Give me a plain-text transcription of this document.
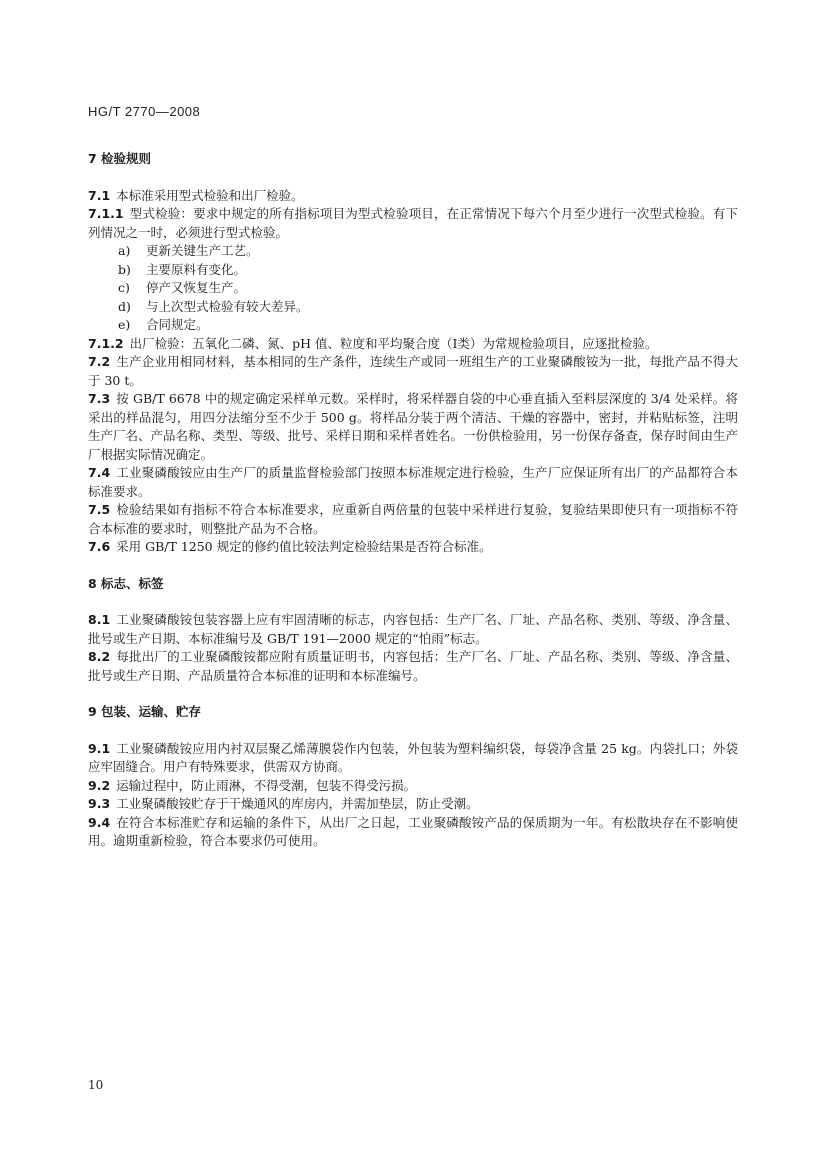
HG/T 2770—2008

7 检验规则

7.1 本标准采用型式检验和出厂检验。

7.1.1 型式检验：要求中规定的所有指标项目为型式检验项目，在正常情况下每六个月至少进行一次型式检验。有下列情况之一时，必须进行型式检验。

a) 更新关键生产工艺。
b) 主要原料有变化。
c) 停产又恢复生产。
d) 与上次型式检验有较大差异。
e) 合同规定。

7.1.2 出厂检验：五氧化二磷、氮、pH 值、粒度和平均聚合度（Ⅰ类）为常规检验项目，应逐批检验。

7.2 生产企业用相同材料，基本相同的生产条件，连续生产或同一班组生产的工业聚磷酸铵为一批，每批产品不得大于 30 t。

7.3 按 GB/T 6678 中的规定确定采样单元数。采样时，将采样器自袋的中心垂直插入至料层深度的 3/4 处采样。将采出的样品混匀，用四分法缩分至不少于 500 g。将样品分装于两个清洁、干燥的容器中，密封，并粘贴标签，注明生产厂名、产品名称、类型、等级、批号、采样日期和采样者姓名。一份供检验用，另一份保存备查，保存时间由生产厂根据实际情况确定。

7.4 工业聚磷酸铵应由生产厂的质量监督检验部门按照本标准规定进行检验，生产厂应保证所有出厂的产品都符合本标准要求。

7.5 检验结果如有指标不符合本标准要求，应重新自两倍量的包装中采样进行复验，复验结果即使只有一项指标不符合本标准的要求时，则整批产品为不合格。

7.6 采用 GB/T 1250 规定的修约值比较法判定检验结果是否符合标准。

8 标志、标签

8.1 工业聚磷酸铵包装容器上应有牢固清晰的标志，内容包括：生产厂名、厂址、产品名称、类别、等级、净含量、批号或生产日期、本标准编号及 GB/T 191—2000 规定的“怕雨”标志。

8.2 每批出厂的工业聚磷酸铵都应附有质量证明书，内容包括：生产厂名、厂址、产品名称、类别、等级、净含量、批号或生产日期、产品质量符合本标准的证明和本标准编号。

9 包装、运输、贮存

9.1 工业聚磷酸铵应用内衬双层聚乙烯薄膜袋作内包装，外包装为塑料编织袋，每袋净含量 25 kg。内袋扎口；外袋应牢固缝合。用户有特殊要求，供需双方协商。

9.2 运输过程中，防止雨淋，不得受潮，包装不得受污损。

9.3 工业聚磷酸铵贮存于干燥通风的库房内，并需加垫层，防止受潮。

9.4 在符合本标准贮存和运输的条件下，从出厂之日起，工业聚磷酸铵产品的保质期为一年。有松散块存在不影响使用。逾期重新检验，符合本要求仍可使用。

10
